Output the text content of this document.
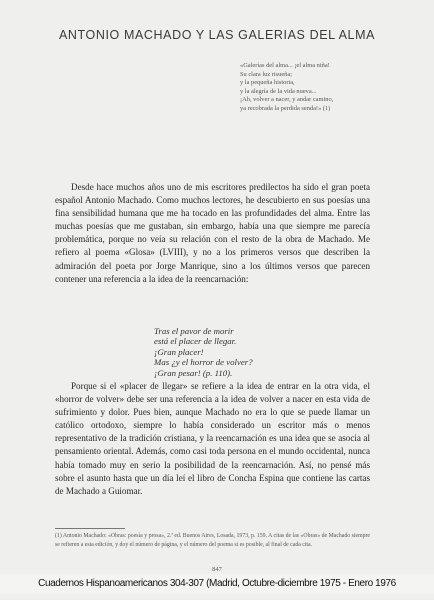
ANTONIO MACHADO Y LAS GALERIAS DEL ALMA
«Galerías del alma... ¡el alma niña!
Su clara luz risueña;
y la pequeña historia,
y la alegría de la vida nueva...
¡Ah, volver a nacer, y andar camino,
ya recobrada la perdida senda!» (1)

Desde hace muchos años uno de mis escritores predilectos ha sido el gran poeta español Antonio Machado. Como muchos lectores, he descubierto en sus poesías una fina sensibilidad humana que me ha tocado en las profundidades del alma. Entre las muchas poesías que me gustaban, sin embargo, había una que siempre me parecía problemática, porque no veía su relación con el resto de la obra de Machado. Me refiero al poema «Glosa» (LVIII), y no a los primeros versos que describen la admiración del poeta por Jorge Manrique, sino a los últimos versos que parecen contener una referencia a la idea de la reencarnación:

Tras el pavor de morir
está el placer de llegar.
¡Gran placer!
Mas ¿y el horror de volver?
¡Gran pesar! (p. 110).

Porque si el «placer de llegar» se refiere a la idea de entrar en la otra vida, el «horror de volver» debe ser una referencia a la idea de volver a nacer en esta vida de sufrimiento y dolor. Pues bien, aunque Machado no era lo que se puede llamar un católico ortodoxo, siempre lo había considerado un escritor más o menos representativo de la tradición cristiana, y la reencarnación es una idea que se asocia al pensamiento oriental. Además, como casi toda persona en el mundo occidental, nunca había tomado muy en serio la posibilidad de la reencarnación. Así, no pensé más sobre el asunto hasta que un día leí el libro de Concha Espina que contiene las cartas de Machado a Guiomar.

(1) Antonio Machado: «Obras: poesía y prosa», 2.ª ed. Buenos Aires, Losada, 1973, p. 159. A citas de las «Obras» de Machado siempre se refieren a esta edición, y doy el número de página, y el número del poema si es posible, al final de cada cita.
847
Cuadernos Hispanoamericanos 304-307 (Madrid, Octubre-diciembre 1975 - Enero 1976
